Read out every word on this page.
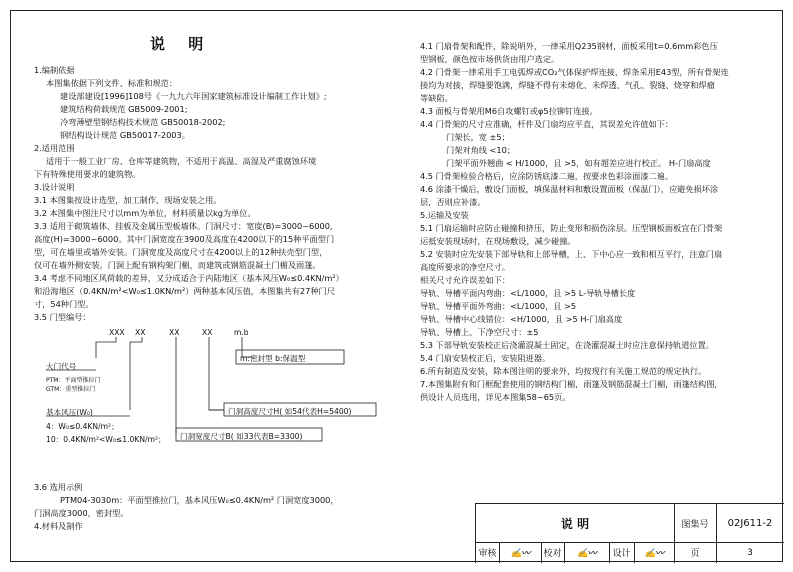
说 明
1.编制依据
本图集依据下列文件、标准和规范：
建设部建设[1996]108号《一九九六年国家建筑标准设计编制工作计划》;
建筑结构荷载规范 GB5009-2001;
冷弯薄壁型钢结构技术规范 GB50018-2002;
钢结构设计规范 GB50017-2003。
2.适用范围
适用于一般工业厂房、仓库等建筑物，不适用于高温、高湿及严重腐蚀环境
下有特殊使用要求的建筑物。
3.设计说明
3.1 本图集按设计选型，加工制作，现场安装之用。
3.2 本图集中图注尺寸以mm为单位，材料质量以kg为单位。
3.3 适用于砌筑墙体、挂板及金属压型板墙体。门洞尺寸：宽度(B)=3000~6000,
高度(H)=3000~6000。其中门洞宽度在3900及高度在4200以下的15种平面型门
型，可在墙里或墙外安装。门洞宽度及高度尺寸在4200以上的12种扶壳型门型，
仅可在墙外侧安装。门洞上配有钢构架门楣，而建筑或钢筋混凝土门楣及雨篷。
3.4 考虑不同地区风荷载的差异，又分成适合于内陆地区（基本风压W₀≤0.4KN/m²）
和沿海地区（0.4KN/m²<W₀≤1.0KN/m²）两种基本风压值，本图集共有27种门尺
寸，54种门型。
3.5 门型编号：
XXX XX	XX	XX	m.b
m:密封型 b:保温型
门洞高度尺寸H( 如54代表H=5400)
门洞宽度尺寸B( 如33代表B=3300)
大门代号
PTM：平面型推拉门
GTM：重型推拉门
基本风压(W₀)
4：W₀≤0.4KN/m²；
10：0.4KN/m²<W₀≤1.0KN/m²；
3.6 选用示例
PTM04-3030m：平面型推拉门，基本风压W₀≤0.4KN/m² 门洞宽度3000，
门洞高度3000，密封型。
4.材料及制作
4.1 门扇骨架和配件，除说明外，一律采用Q235钢材，面板采用t=0.6mm彩色压
型钢板，颜色按市场供货由用户选定。
4.2 门骨架一律采用手工电弧焊或CO₂气体保护焊连接，焊条采用E43型，所有骨架连
接均为对接，焊缝要饱满，焊缝不得有未熔化、未焊透、气孔、裂缝、烧穿和焊瘤
等缺陷。
4.3 面板与骨架用M6自攻螺钉或φ5拉铆钉连接。
4.4 门骨架的尺寸应准确，杆件及门扇均应平直，其误差允许值如下：
门架长，宽 ±5；
门架对角线 <10；
门架平面外翘曲 < H/1000，且 >5，如有超差应进行校正。 H-门扇高度
4.5 门骨架检验合格后，应涂防锈底漆二遍，按要求色彩涂面漆二遍。
4.6 涂漆干燥后，敷设门面板，填保温材料和敷设置面板（保温门），应避免损坏涂
层，否则应补漆。
5.运输及安装
5.1 门扇运输时应防止碰撞和挤压，防止变形和损伤涂层。压型钢板面板宜在门骨架
运抵安装现场时，在现场敷设，减少碰撞。
5.2 安装时应先安装下部导轨和上部导槽，上、下中心应一致和相互平行，注意门扇
高度所要求的净空尺寸。
相关尺寸允许误差如下：
导轨、导槽平面内弯曲：<L/1000，且 >5 L-导轨导槽长度
导轨、导槽平面外弯曲：<L/1000，且 >5
导轨、导槽中心线错位：<H/1000，且 >5 H-门扇高度
导轨、导槽上、下净空尺寸：±5
5.3 下部导轨安装校正后浇灌混凝土固定，在浇灌混凝土时应注意保持轨道位置。
5.4 门扇安装校正后，安装阻进器。
6.所有制造及安装，除本图注明的要求外，均按现行有关施工规范的规定执行。
7.本图集附有和门框配套使用的钢结构门楣，雨篷及钢筋混凝土门楣，雨篷结构图，
供设计人员选用，详见本图集58~65页。
说 明	图集号	02J611-2
审核	✍〰︎	校对	✍〰︎	设计	✍〰︎	页	3
